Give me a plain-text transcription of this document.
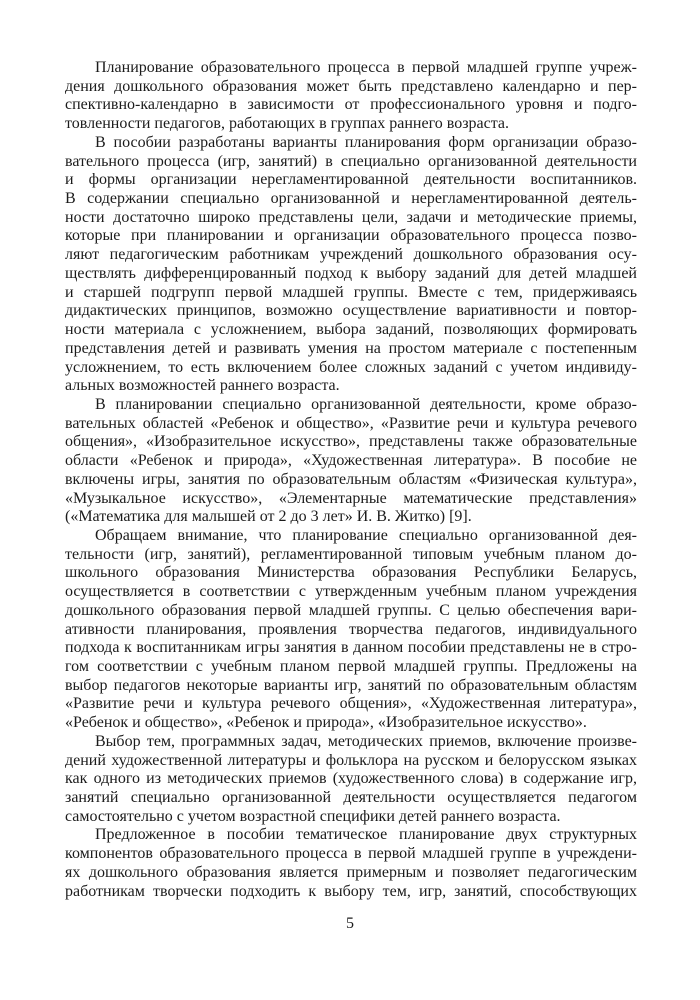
Планирование образовательного процесса в первой младшей группе учреж-
дения дошкольного образования может быть представлено календарно и пер-
спективно-календарно в зависимости от профессионального уровня и подго-
товленности педагогов, работающих в группах раннего возраста.
В пособии разработаны варианты планирования форм организации образо-
вательного процесса (игр, занятий) в специально организованной деятельности
и формы организации нерегламентированной деятельности воспитанников.
В содержании специально организованной и нерегламентированной деятель-
ности достаточно широко представлены цели, задачи и методические приемы,
которые при планировании и организации образовательного процесса позво-
ляют педагогическим работникам учреждений дошкольного образования осу-
ществлять дифференцированный подход к выбору заданий для детей младшей
и старшей подгрупп первой младшей группы. Вместе с тем, придерживаясь
дидактических принципов, возможно осуществление вариативности и повтор-
ности материала с усложнением, выбора заданий, позволяющих формировать
представления детей и развивать умения на простом материале с постепенным
усложнением, то есть включением более сложных заданий с учетом индивиду-
альных возможностей раннего возраста.
В планировании специально организованной деятельности, кроме образо-
вательных областей «Ребенок и общество», «Развитие речи и культура речевого
общения», «Изобразительное искусство», представлены также образовательные
области «Ребенок и природа», «Художественная литература». В пособие не
включены игры, занятия по образовательным областям «Физическая культура»,
«Музыкальное искусство», «Элементарные математические представления»
(«Математика для малышей от 2 до 3 лет» И. В. Житко) [9].
Обращаем внимание, что планирование специально организованной дея-
тельности (игр, занятий), регламентированной типовым учебным планом до-
школьного образования Министерства образования Республики Беларусь,
осуществляется в соответствии с утвержденным учебным планом учреждения
дошкольного образования первой младшей группы. С целью обеспечения вари-
ативности планирования, проявления творчества педагогов, индивидуального
подхода к воспитанникам игры занятия в данном пособии представлены не в стро-
гом соответствии с учебным планом первой младшей группы. Предложены на
выбор педагогов некоторые варианты игр, занятий по образовательным областям
«Развитие речи и культура речевого общения», «Художественная литература»,
«Ребенок и общество», «Ребенок и природа», «Изобразительное искусство».
Выбор тем, программных задач, методических приемов, включение произве-
дений художественной литературы и фольклора на русском и белорусском языках
как одного из методических приемов (художественного слова) в содержание игр,
занятий специально организованной деятельности осуществляется педагогом
самостоятельно с учетом возрастной специфики детей раннего возраста.
Предложенное в пособии тематическое планирование двух структурных
компонентов образовательного процесса в первой младшей группе в учреждени-
ях дошкольного образования является примерным и позволяет педагогическим
работникам творчески подходить к выбору тем, игр, занятий, способствующих
5
